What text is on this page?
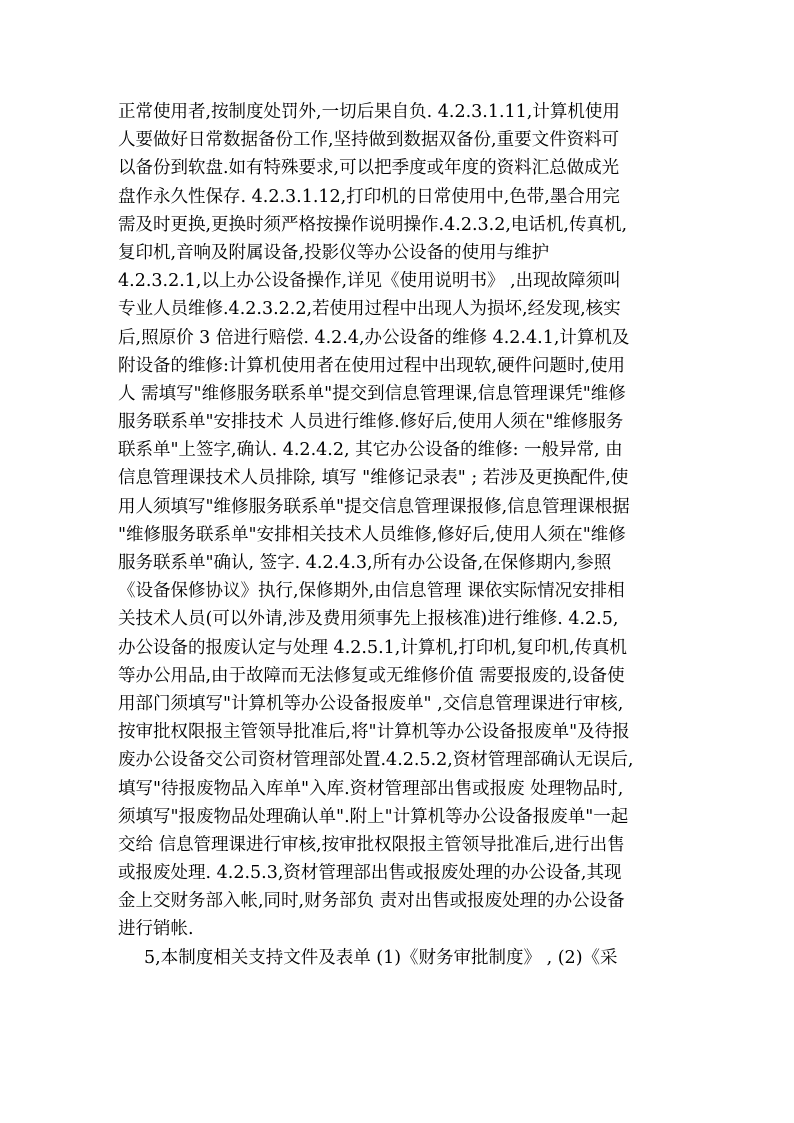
正常使用者,按制度处罚外,一切后果自负. 4.2.3.1.11,计算机使用
人要做好日常数据备份工作,坚持做到数据双备份,重要文件资料可
以备份到软盘.如有特殊要求,可以把季度或年度的资料汇总做成光
盘作永久性保存. 4.2.3.1.12,打印机的日常使用中,色带,墨合用完
需及时更换,更换时须严格按操作说明操作.4.2.3.2,电话机,传真机,
复印机,音响及附属设备,投影仪等办公设备的使用与维护
4.2.3.2.1,以上办公设备操作,详见《使用说明书》 ,出现故障须叫
专业人员维修.4.2.3.2.2,若使用过程中出现人为损坏,经发现,核实
后,照原价 3 倍进行赔偿. 4.2.4,办公设备的维修 4.2.4.1,计算机及
附设备的维修:计算机使用者在使用过程中出现软,硬件问题时,使用
人 需填写"维修服务联系单"提交到信息管理课,信息管理课凭"维修
服务联系单"安排技术 人员进行维修.修好后,使用人须在"维修服务
联系单"上签字,确认. 4.2.4.2, 其它办公设备的维修: 一般异常, 由
信息管理课技术人员排除, 填写 "维修记录表" ; 若涉及更换配件,使
用人须填写"维修服务联系单"提交信息管理课报修,信息管理课根据
"维修服务联系单"安排相关技术人员维修,修好后,使用人须在"维修
服务联系单"确认, 签字. 4.2.4.3,所有办公设备,在保修期内,参照
《设备保修协议》执行,保修期外,由信息管理 课依实际情况安排相
关技术人员(可以外请,涉及费用须事先上报核准)进行维修. 4.2.5,
办公设备的报废认定与处理 4.2.5.1,计算机,打印机,复印机,传真机
等办公用品,由于故障而无法修复或无维修价值 需要报废的,设备使
用部门须填写"计算机等办公设备报废单" ,交信息管理课进行审核,
按审批权限报主管领导批准后,将"计算机等办公设备报废单"及待报
废办公设备交公司资材管理部处置.4.2.5.2,资材管理部确认无误后,
填写"待报废物品入库单"入库.资材管理部出售或报废 处理物品时,
须填写"报废物品处理确认单".附上"计算机等办公设备报废单"一起
交给 信息管理课进行审核,按审批权限报主管领导批准后,进行出售
或报废处理. 4.2.5.3,资材管理部出售或报废处理的办公设备,其现
金上交财务部入帐,同时,财务部负 责对出售或报废处理的办公设备
进行销帐.
5,本制度相关支持文件及表单 (1)《财务审批制度》 , (2)《采
